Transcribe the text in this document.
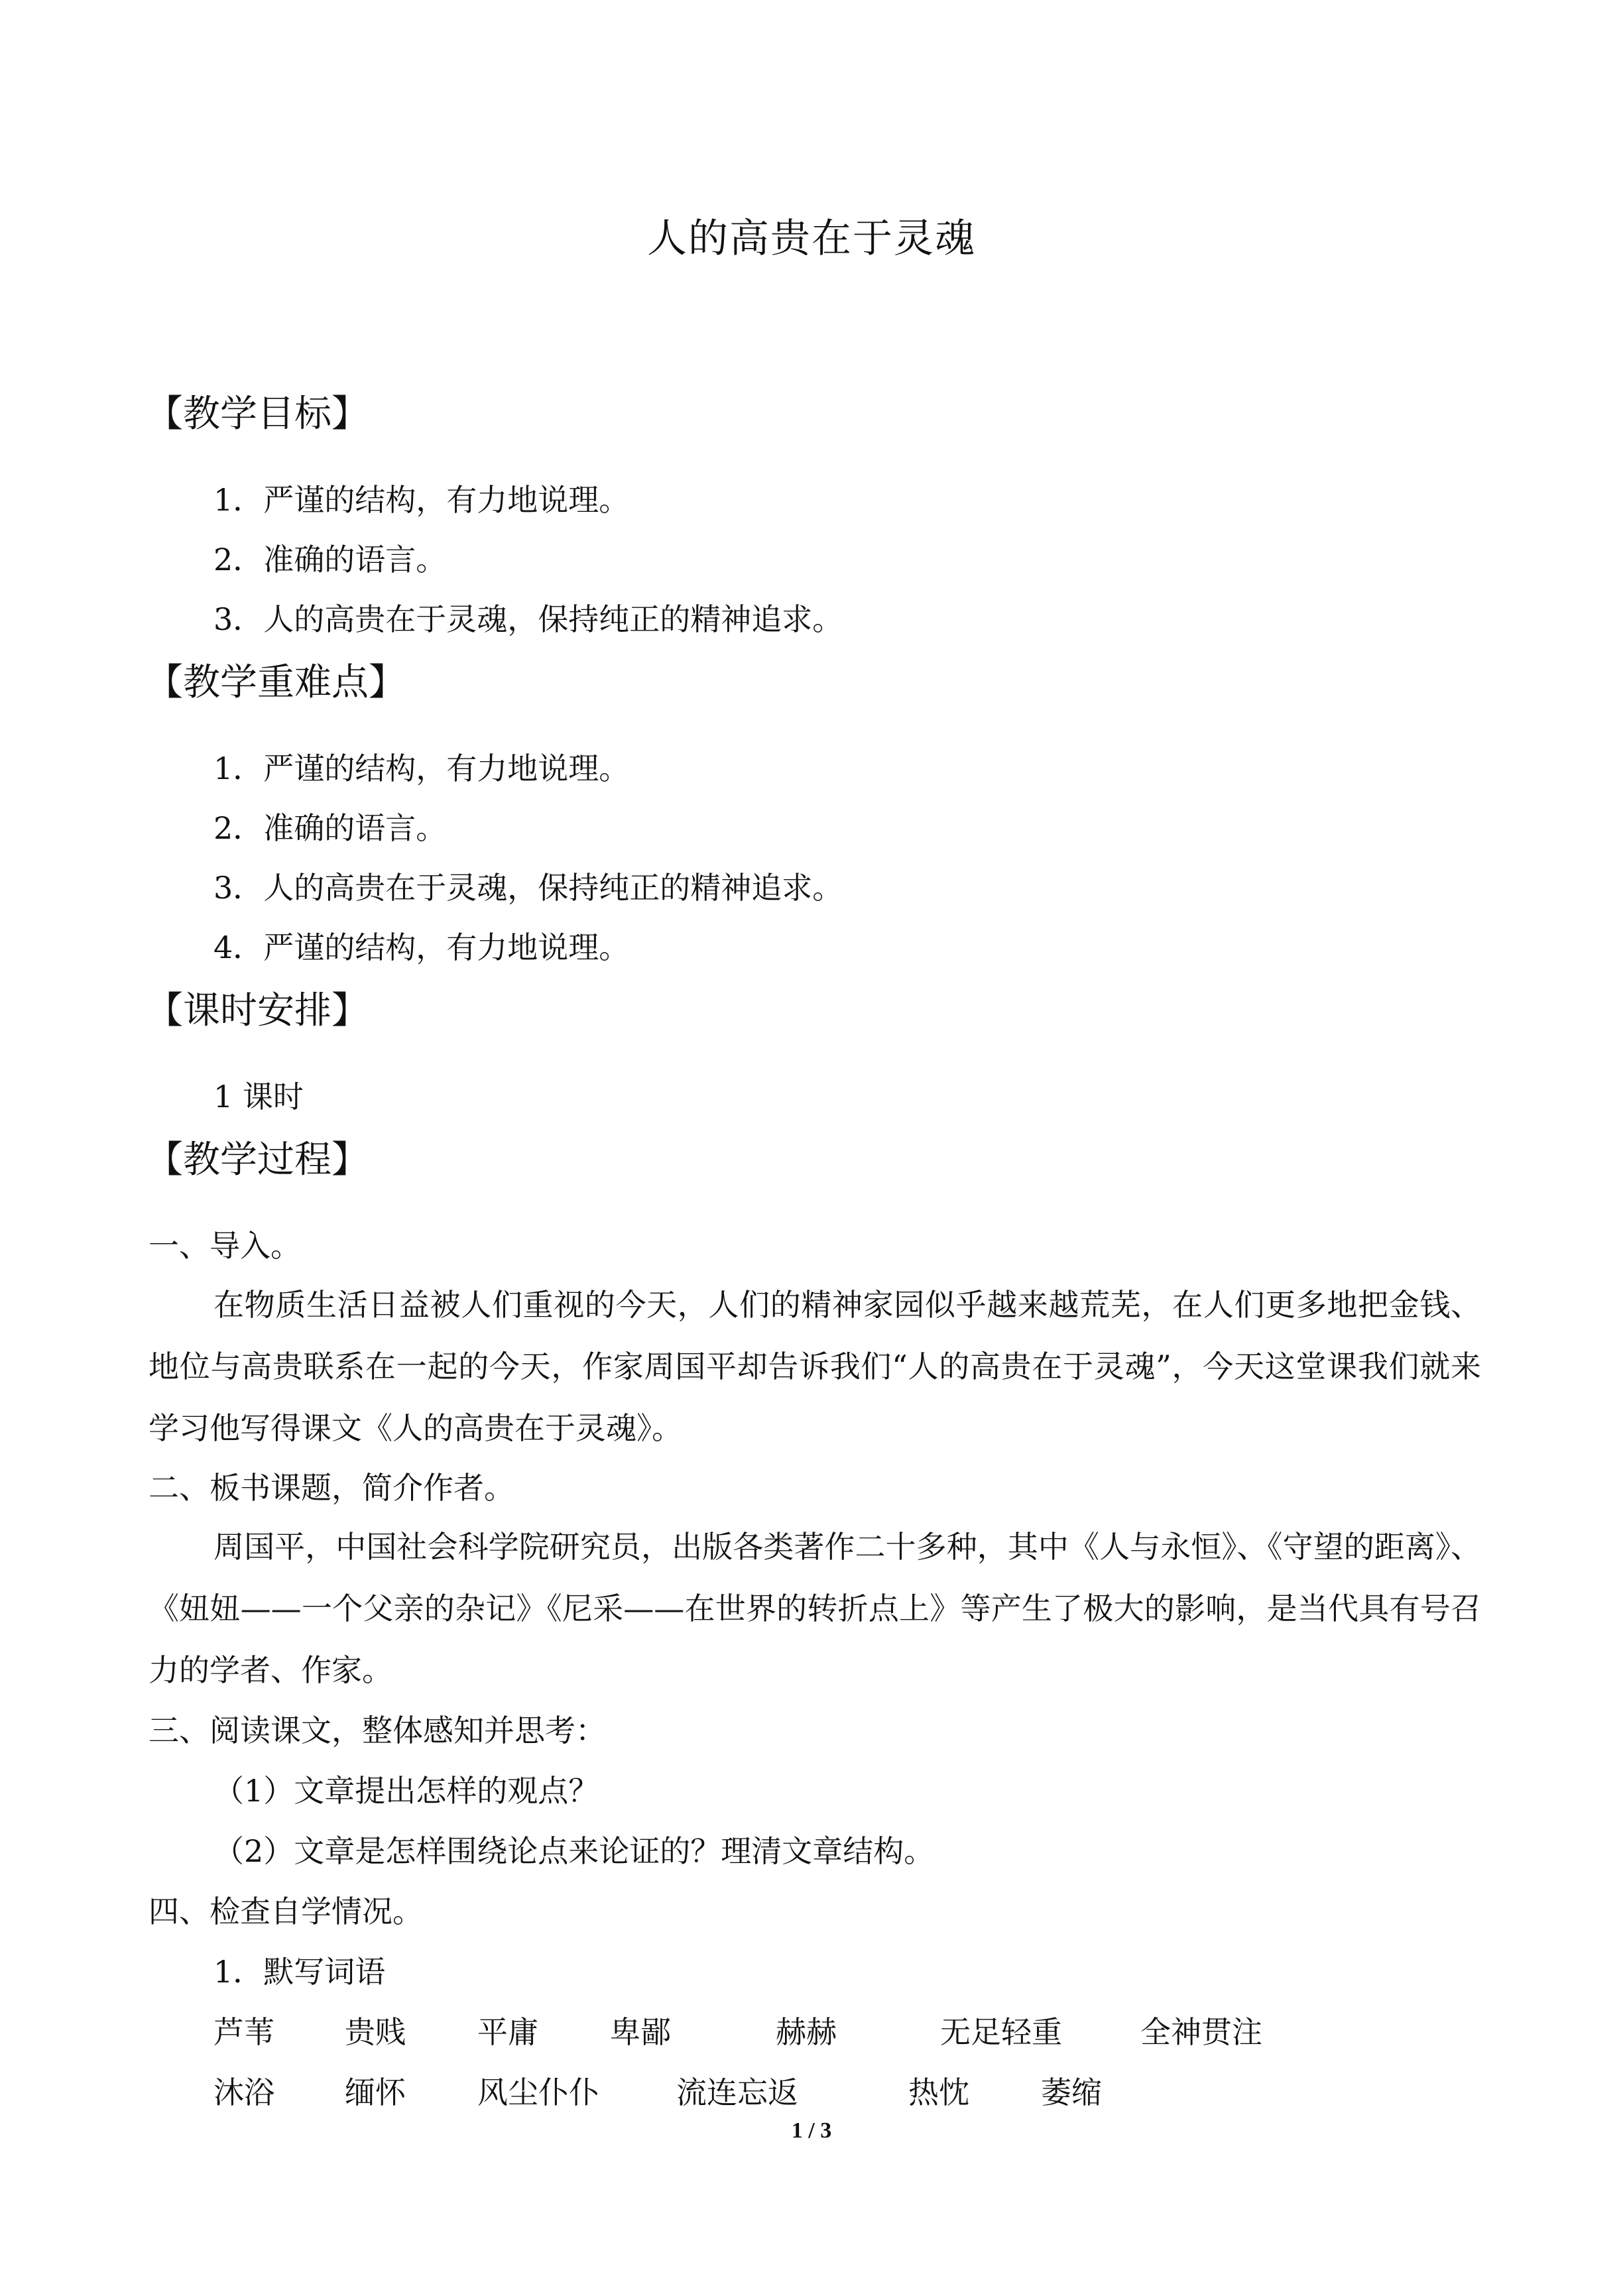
人的高贵在于灵魂
【教学目标】
1．严谨的结构，有力地说理。
2．准确的语言。
3．人的高贵在于灵魂，保持纯正的精神追求。
【教学重难点】
1．严谨的结构，有力地说理。
2．准确的语言。
3．人的高贵在于灵魂，保持纯正的精神追求。
4．严谨的结构，有力地说理。
【课时安排】
1 课时
【教学过程】
一、导入。
在物质生活日益被人们重视的今天，人们的精神家园似乎越来越荒芜，在人们更多地把金钱、地位与高贵联系在一起的今天，作家周国平却告诉我们“人的高贵在于灵魂”，今天这堂课我们就来学习他写得课文《人的高贵在于灵魂》。
二、板书课题，简介作者。
周国平，中国社会科学院研究员，出版各类著作二十多种，其中《人与永恒》、《守望的距离》、《妞妞——一个父亲的杂记》《尼采——在世界的转折点上》等产生了极大的影响，是当代具有号召力的学者、作家。
三、阅读课文，整体感知并思考：
（1）文章提出怎样的观点？
（2）文章是怎样围绕论点来论证的？理清文章结构。
四、检查自学情况。
1．默写词语
芦苇 贵贱 平庸 卑鄙	赫赫	无足轻重	全神贯注
沐浴 缅怀 风尘仆仆	流连忘返	热忱 萎缩
1 / 3
